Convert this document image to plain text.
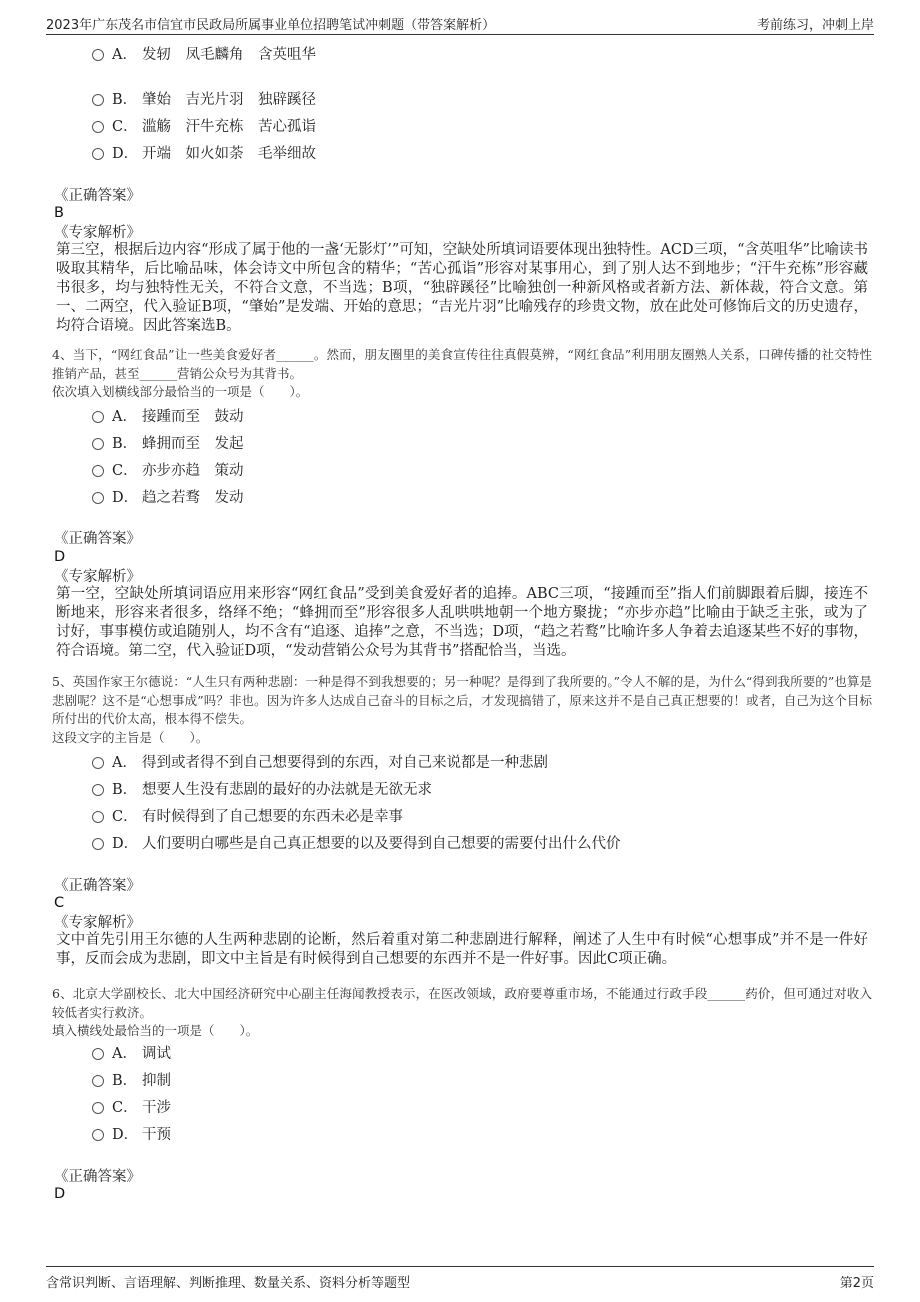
2023年广东茂名市信宜市民政局所属事业单位招聘笔试冲刺题（带答案解析）	考前练习，冲刺上岸
A． 发轫　凤毛麟角　含英咀华
B． 肇始　吉光片羽　独辟蹊径
C． 滥觞　汗牛充栋　苦心孤诣
D． 开端　如火如荼　毛举细故
《正确答案》
B
《专家解析》
第三空，根据后边内容“形成了属于他的一盏‘无影灯’”可知，空缺处所填词语要体现出独特性。ACD三项，“含英咀华”比喻读书吸取其精华，后比喻品味，体会诗文中所包含的精华；“苦心孤诣”形容对某事用心，到了别人达不到地步；“汗牛充栋”形容藏书很多，均与独特性无关，不符合文意，不当选；B项，“独辟蹊径”比喻独创一种新风格或者新方法、新体裁，符合文意。第一、二两空，代入验证B项，“肇始”是发端、开始的意思；“吉光片羽”比喻残存的珍贵文物，放在此处可修饰后文的历史遗存，均符合语境。因此答案选B。

4、当下，“网红食品”让一些美食爱好者______。然而，朋友圈里的美食宣传往往真假莫辨，“网红食品”利用朋友圈熟人关系，口碑传播的社交特性推销产品，甚至______营销公众号为其背书。

依次填入划横线部分最恰当的一项是（　　）。

A． 接踵而至　鼓动
B． 蜂拥而至　发起
C． 亦步亦趋　策动
D． 趋之若骛　发动
《正确答案》
D
《专家解析》
第一空，空缺处所填词语应用来形容“网红食品”受到美食爱好者的追捧。ABC三项，“接踵而至”指人们前脚跟着后脚，接连不断地来，形容来者很多，络绎不绝；“蜂拥而至”形容很多人乱哄哄地朝一个地方聚拢；“亦步亦趋”比喻由于缺乏主张，或为了讨好，事事模仿或追随别人，均不含有“追逐、追捧”之意，不当选；D项，“趋之若鹜”比喻许多人争着去追逐某些不好的事物，符合语境。第二空，代入验证D项，“发动营销公众号为其背书”搭配恰当，当选。

5、英国作家王尔德说：“人生只有两种悲剧：一种是得不到我想要的；另一种呢？是得到了我所要的。”令人不解的是，为什么“得到我所要的”也算是悲剧呢？这不是“心想事成”吗？非也。因为许多人达成自己奋斗的目标之后，才发现搞错了，原来这并不是自己真正想要的！或者，自己为这个目标所付出的代价太高，根本得不偿失。

这段文字的主旨是（　　）。

A． 得到或者得不到自己想要得到的东西，对自己来说都是一种悲剧
B． 想要人生没有悲剧的最好的办法就是无欲无求
C． 有时候得到了自己想要的东西未必是幸事
D． 人们要明白哪些是自己真正想要的以及要得到自己想要的需要付出什么代价
《正确答案》
C
《专家解析》
文中首先引用王尔德的人生两种悲剧的论断，然后着重对第二种悲剧进行解释，阐述了人生中有时候“心想事成”并不是一件好事，反而会成为悲剧，即文中主旨是有时候得到自己想要的东西并不是一件好事。因此C项正确。

6、北京大学副校长、北大中国经济研究中心副主任海闻教授表示，在医改领域，政府要尊重市场，不能通过行政手段______药价，但可通过对收入较低者实行救济。

填入横线处最恰当的一项是（　　）。

A． 调试
B． 抑制
C． 干涉
D． 干预
《正确答案》
D
含常识判断、言语理解、判断推理、数量关系、资料分析等题型	第2页
